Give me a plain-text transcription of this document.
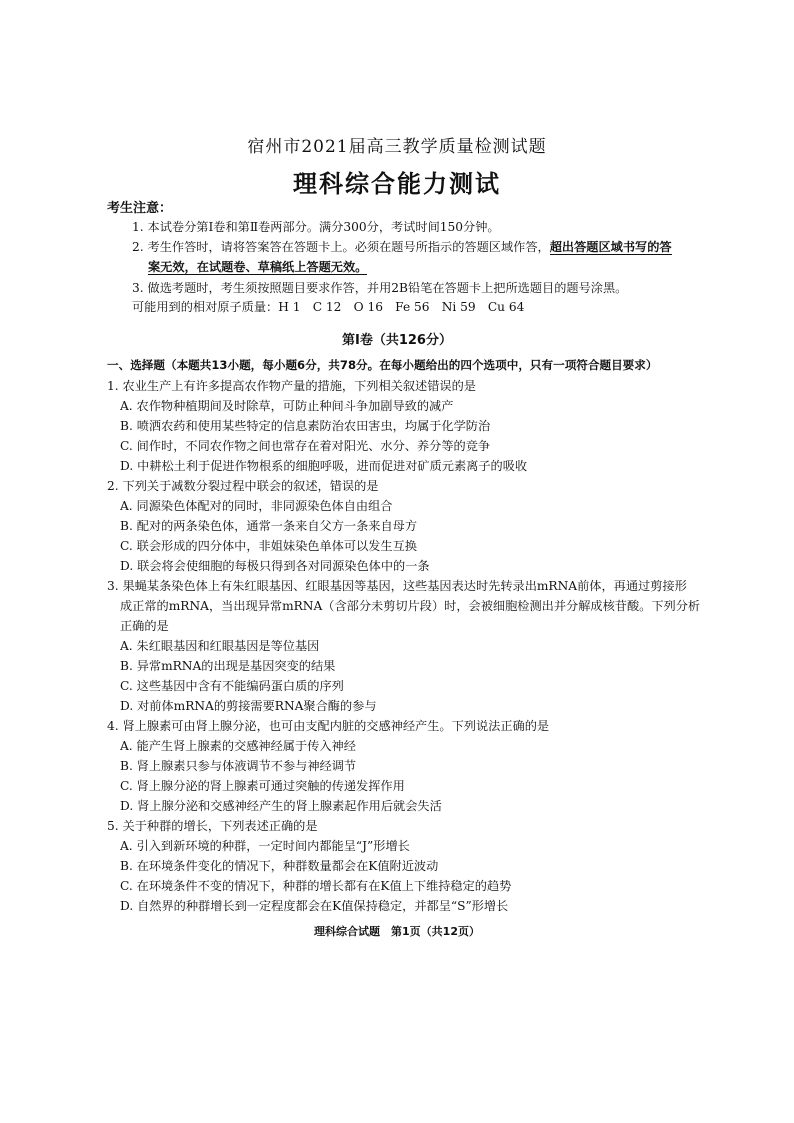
宿州市2021届高三教学质量检测试题
理科综合能力测试
考生注意：
1. 本试卷分第Ⅰ卷和第Ⅱ卷两部分。满分300分，考试时间150分钟。
2. 考生作答时，请将答案答在答题卡上。必须在题号所指示的答题区域作答，超出答题区域书写的答
案无效，在试题卷、草稿纸上答题无效。
3. 做选考题时，考生须按照题目要求作答，并用2B铅笔在答题卡上把所选题目的题号涂黑。
可能用到的相对原子质量：H 1　C 12　O 16　Fe 56　Ni 59　Cu 64
第Ⅰ卷（共126分）
一、选择题（本题共13小题，每小题6分，共78分。在每小题给出的四个选项中，只有一项符合题目要求）
1. 农业生产上有许多提高农作物产量的措施，下列相关叙述错误的是
A. 农作物种植期间及时除草，可防止种间斗争加剧导致的减产
B. 喷洒农药和使用某些特定的信息素防治农田害虫，均属于化学防治
C. 间作时，不同农作物之间也常存在着对阳光、水分、养分等的竞争
D. 中耕松土利于促进作物根系的细胞呼吸，进而促进对矿质元素离子的吸收
2. 下列关于减数分裂过程中联会的叙述，错误的是
A. 同源染色体配对的同时，非同源染色体自由组合
B. 配对的两条染色体，通常一条来自父方一条来自母方
C. 联会形成的四分体中，非姐妹染色单体可以发生互换
D. 联会将会使细胞的每极只得到各对同源染色体中的一条
3. 果蝇某条染色体上有朱红眼基因、红眼基因等基因，这些基因表达时先转录出mRNA前体，再通过剪接形
成正常的mRNA，当出现异常mRNA（含部分未剪切片段）时，会被细胞检测出并分解成核苷酸。下列分析
正确的是
A. 朱红眼基因和红眼基因是等位基因
B. 异常mRNA的出现是基因突变的结果
C. 这些基因中含有不能编码蛋白质的序列
D. 对前体mRNA的剪接需要RNA聚合酶的参与
4. 肾上腺素可由肾上腺分泌，也可由支配内脏的交感神经产生。下列说法正确的是
A. 能产生肾上腺素的交感神经属于传入神经
B. 肾上腺素只参与体液调节不参与神经调节
C. 肾上腺分泌的肾上腺素可通过突触的传递发挥作用
D. 肾上腺分泌和交感神经产生的肾上腺素起作用后就会失活
5. 关于种群的增长，下列表述正确的是
A. 引入到新环境的种群，一定时间内都能呈“J”形增长
B. 在环境条件变化的情况下，种群数量都会在K值附近波动
C. 在环境条件不变的情况下，种群的增长都有在K值上下维持稳定的趋势
D. 自然界的种群增长到一定程度都会在K值保持稳定，并都呈“S”形增长
理科综合试题　第1页（共12页）
